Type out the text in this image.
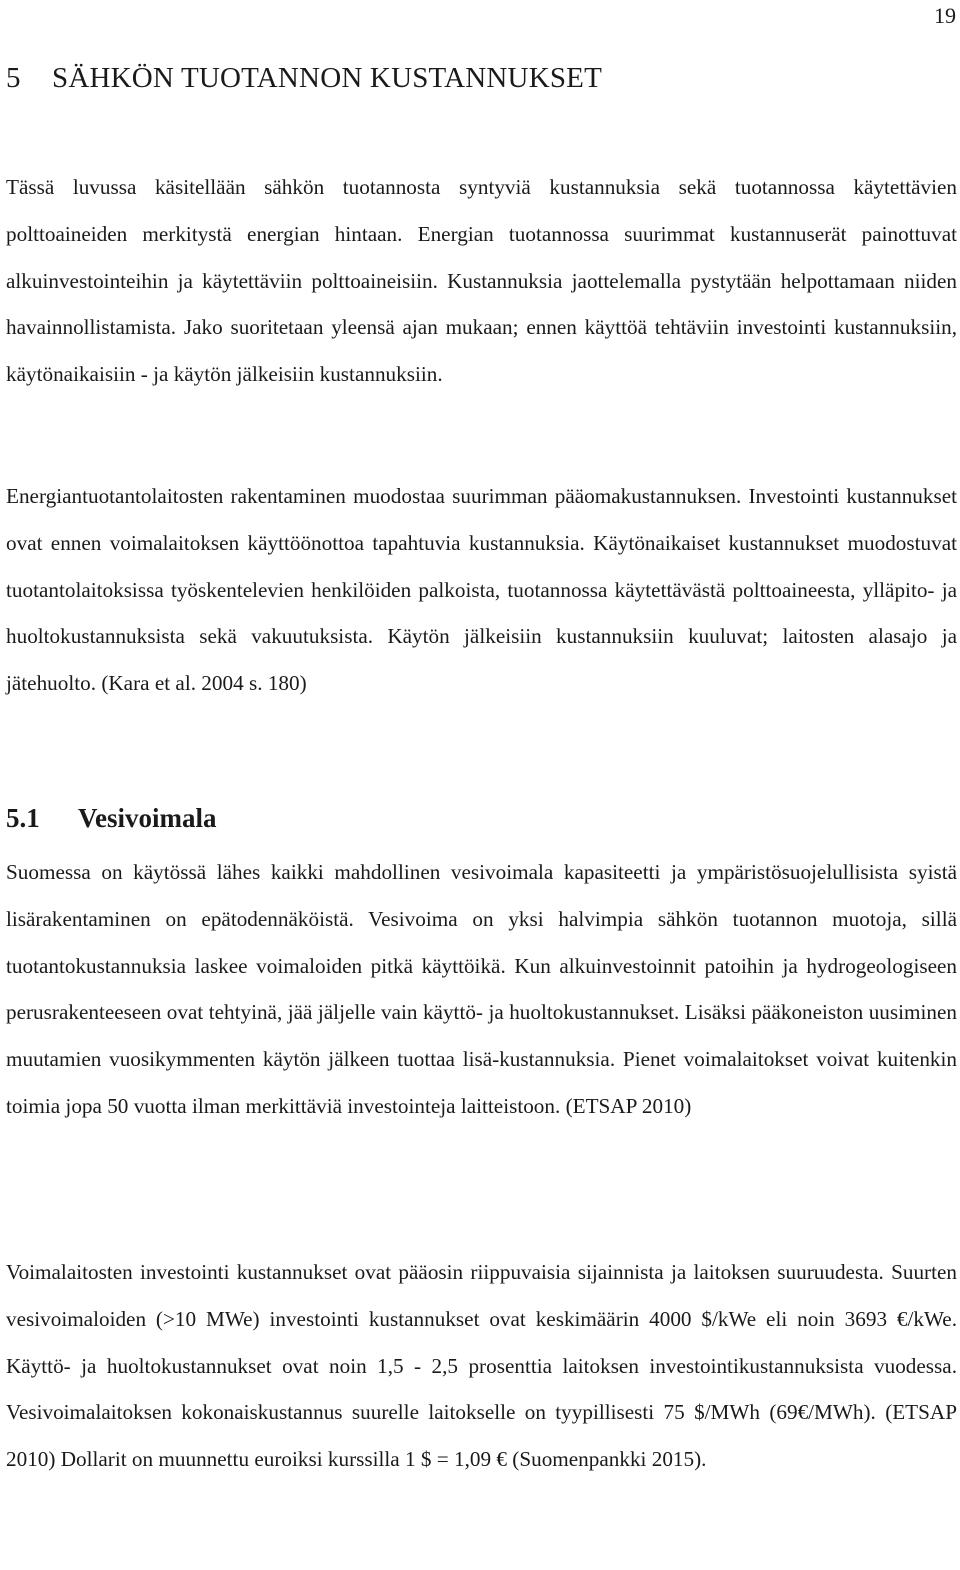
19
5 SÄHKÖN TUOTANNON KUSTANNUKSET

Tässä luvussa käsitellään sähkön tuotannosta syntyviä kustannuksia sekä tuotannossa käytettävien polttoaineiden merkitystä energian hintaan. Energian tuotannossa suurimmat kustannuserät painottuvat alkuinvestointeihin ja käytettäviin polttoaineisiin. Kustannuksia jaottelemalla pystytään helpottamaan niiden havainnollistamista. Jako suoritetaan yleensä ajan mukaan; ennen käyttöä tehtäviin investointi kustannuksiin, käytönaikaisiin - ja käytön jälkeisiin kustannuksiin.

Energiantuotantolaitosten rakentaminen muodostaa suurimman pääomakustannuksen. Investointi kustannukset ovat ennen voimalaitoksen käyttöönottoa tapahtuvia kustannuksia. Käytönaikaiset kustannukset muodostuvat tuotantolaitoksissa työskentelevien henkilöiden palkoista, tuotannossa käytettävästä polttoaineesta, ylläpito- ja huoltokustannuksista sekä vakuutuksista. Käytön jälkeisiin kustannuksiin kuuluvat; laitosten alasajo ja jätehuolto. (Kara et al. 2004 s. 180)

5.1 Vesivoimala

Suomessa on käytössä lähes kaikki mahdollinen vesivoimala kapasiteetti ja ympäristösuojelullisista syistä lisärakentaminen on epätodennäköistä. Vesivoima on yksi halvimpia sähkön tuotannon muotoja, sillä tuotantokustannuksia laskee voimaloiden pitkä käyttöikä. Kun alkuinvestoinnit patoihin ja hydrogeologiseen perusrakenteeseen ovat tehtyinä, jää jäljelle vain käyttö- ja huoltokustannukset. Lisäksi pääkoneiston uusiminen muutamien vuosikymmenten käytön jälkeen tuottaa lisä-kustannuksia. Pienet voimalaitokset voivat kuitenkin toimia jopa 50 vuotta ilman merkittäviä investointeja laitteistoon. (ETSAP 2010)

Voimalaitosten investointi kustannukset ovat pääosin riippuvaisia sijainnista ja laitoksen suuruudesta. Suurten vesivoimaloiden (>10 MWe) investointi kustannukset ovat keskimäärin 4000 $/kWe eli noin 3693 €/kWe. Käyttö- ja huoltokustannukset ovat noin 1,5 - 2,5 prosenttia laitoksen investointikustannuksista vuodessa. Vesivoimalaitoksen kokonaiskustannus suurelle laitokselle on tyypillisesti 75 $/MWh (69€/MWh). (ETSAP 2010) Dollarit on muunnettu euroiksi kurssilla 1 $ = 1,09 € (Suomenpankki 2015).
